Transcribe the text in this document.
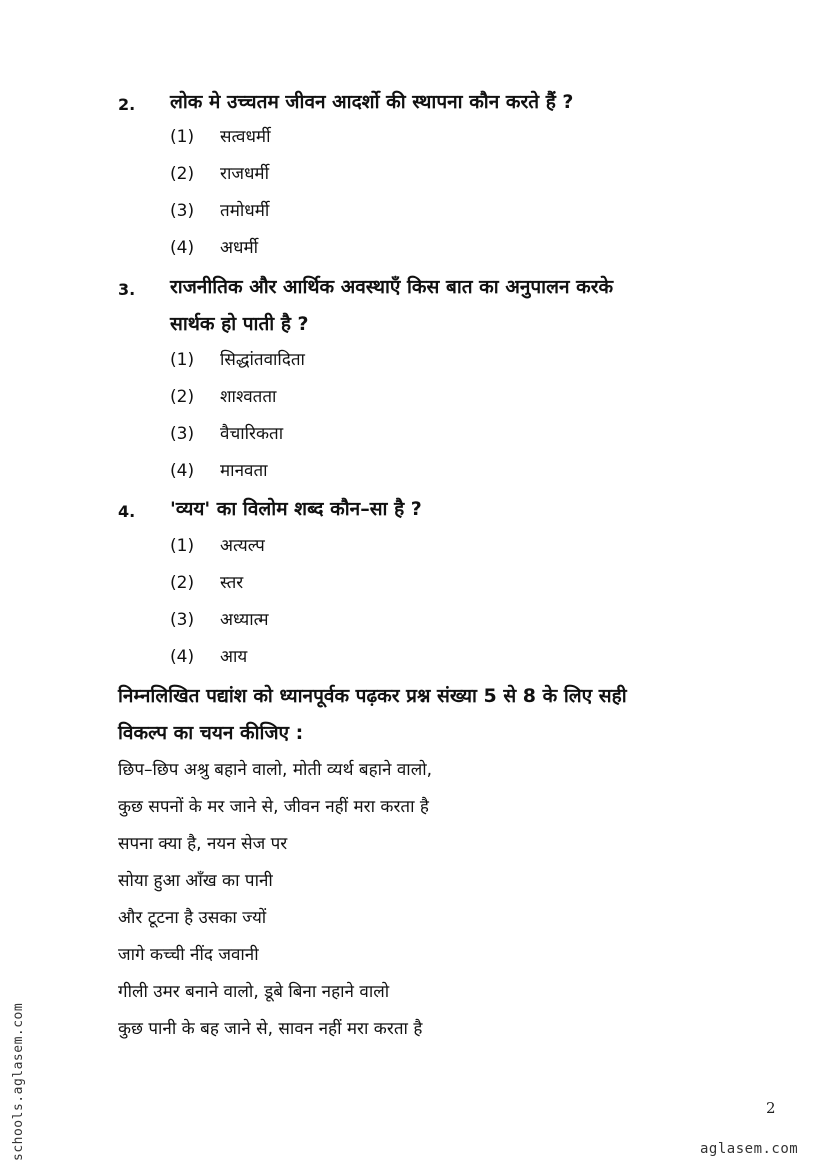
2. लोक मे उच्चतम जीवन आदर्शो की स्थापना कौन करते हैं ?
(1) सत्वधर्मी
(2) राजधर्मी
(3) तमोधर्मी
(4) अधर्मी
3. राजनीतिक और आर्थिक अवस्थाएँ किस बात का अनुपालन करके
सार्थक हो पाती है ?
(1) सिद्धांतवादिता
(2) शाश्वतता
(3) वैचारिकता
(4) मानवता
4. 'व्यय' का विलोम शब्द कौन–सा है ?
(1) अत्यल्प
(2) स्तर
(3) अध्यात्म
(4) आय
निम्नलिखित पद्यांश को ध्यानपूर्वक पढ़कर प्रश्न संख्या 5 से 8 के लिए सही
विकल्प का चयन कीजिए :
छिप–छिप अश्रु बहाने वालो, मोती व्यर्थ बहाने वालो,
कुछ सपनों के मर जाने से, जीवन नहीं मरा करता है
सपना क्या है, नयन सेज पर
सोया हुआ आँख का पानी
और टूटना है उसका ज्यों
जागे कच्ची नींद जवानी
गीली उमर बनाने वालो, डूबे बिना नहाने वालो
कुछ पानी के बह जाने से, सावन नहीं मरा करता है
2
schools.aglasem.com	aglasem.com
